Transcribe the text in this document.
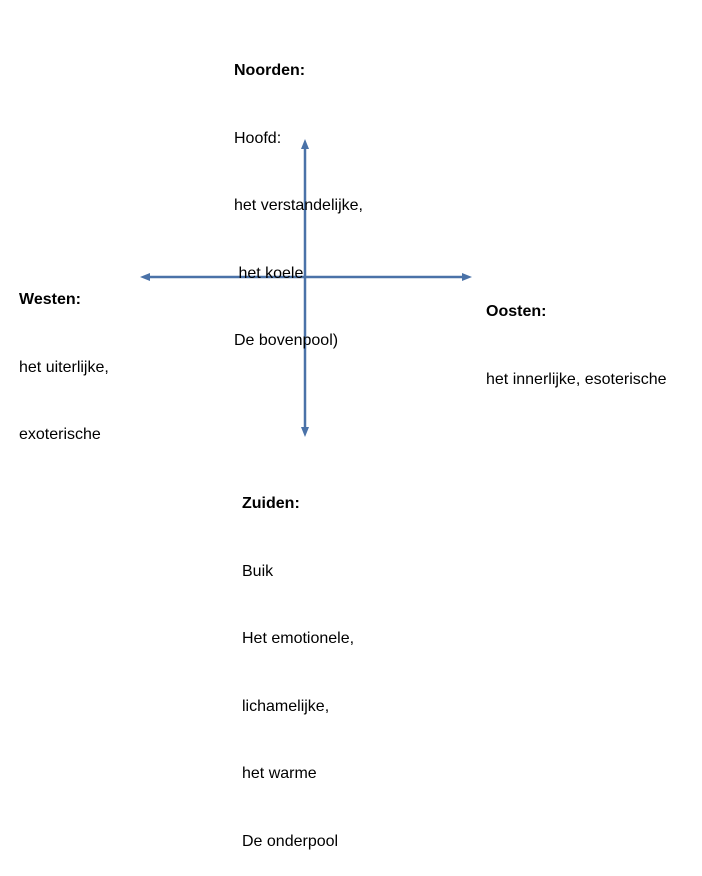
Noorden:

Hoofd:

het verstandelijke,

het koele

De bovenpool)

Westen:

het uiterlijke,

exoterische

Oosten:

het innerlijke, esoterische

Zuiden:

Buik

Het emotionele,

lichamelijke,

het warme

De onderpool
